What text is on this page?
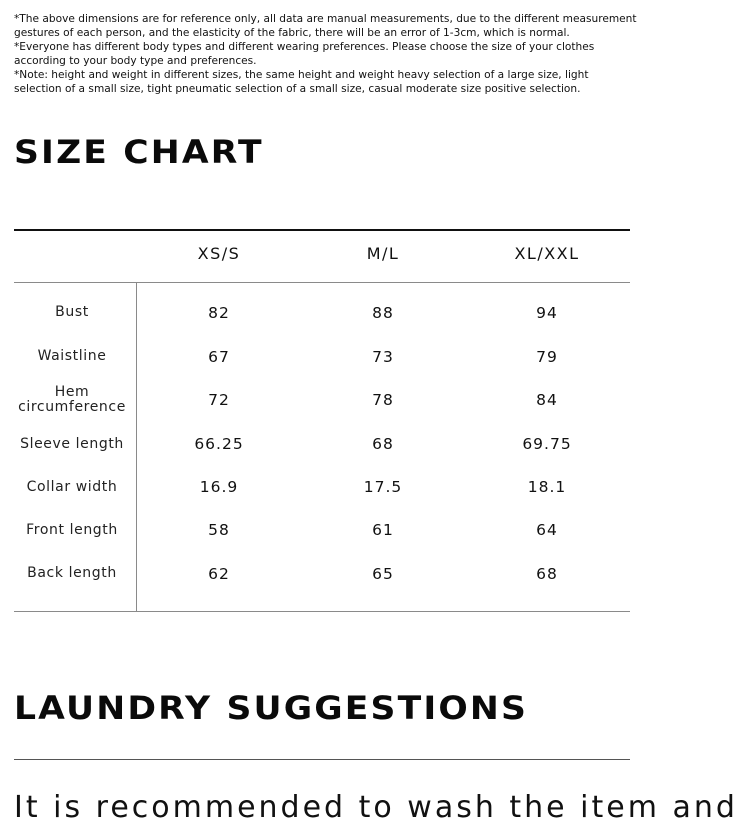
*The above dimensions are for reference only, all data are manual measurements, due to the different measurement

gestures of each person, and the elasticity of the fabric, there will be an error of 1-3cm, which is normal.

*Everyone has different body types and different wearing preferences. Please choose the size of your clothes

according to your body type and preferences.

*Note: height and weight in different sizes, the same height and weight heavy selection of a large size, light

selection of a small size, tight pneumatic selection of a small size, casual moderate size positive selection.

SIZE CHART
XS/S	M/L	XL/XXL
Bust	82	88	94
Waistline	67	73	79
Hem
circumference	72	78	84
Sleeve length	66.25	68	69.75
Collar width	16.9	17.5	18.1
Front length	58	61	64
Back length	62	65	68
LAUNDRY SUGGESTIONS
It is recommended to wash the item and
